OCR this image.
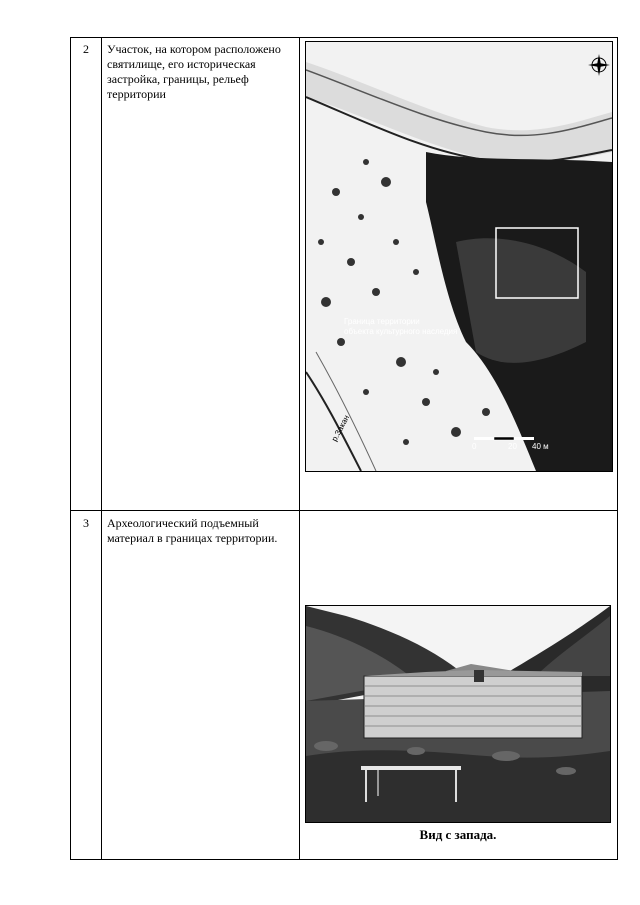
2	Участок, на котором расположено святилище, его историческая застройка, границы, рельеф территории
Граница территории
объекта культурного наследия
0	20 40 м
р.Закан
3	Археологический подъемный материал в границах территории.
Вид с запада.
